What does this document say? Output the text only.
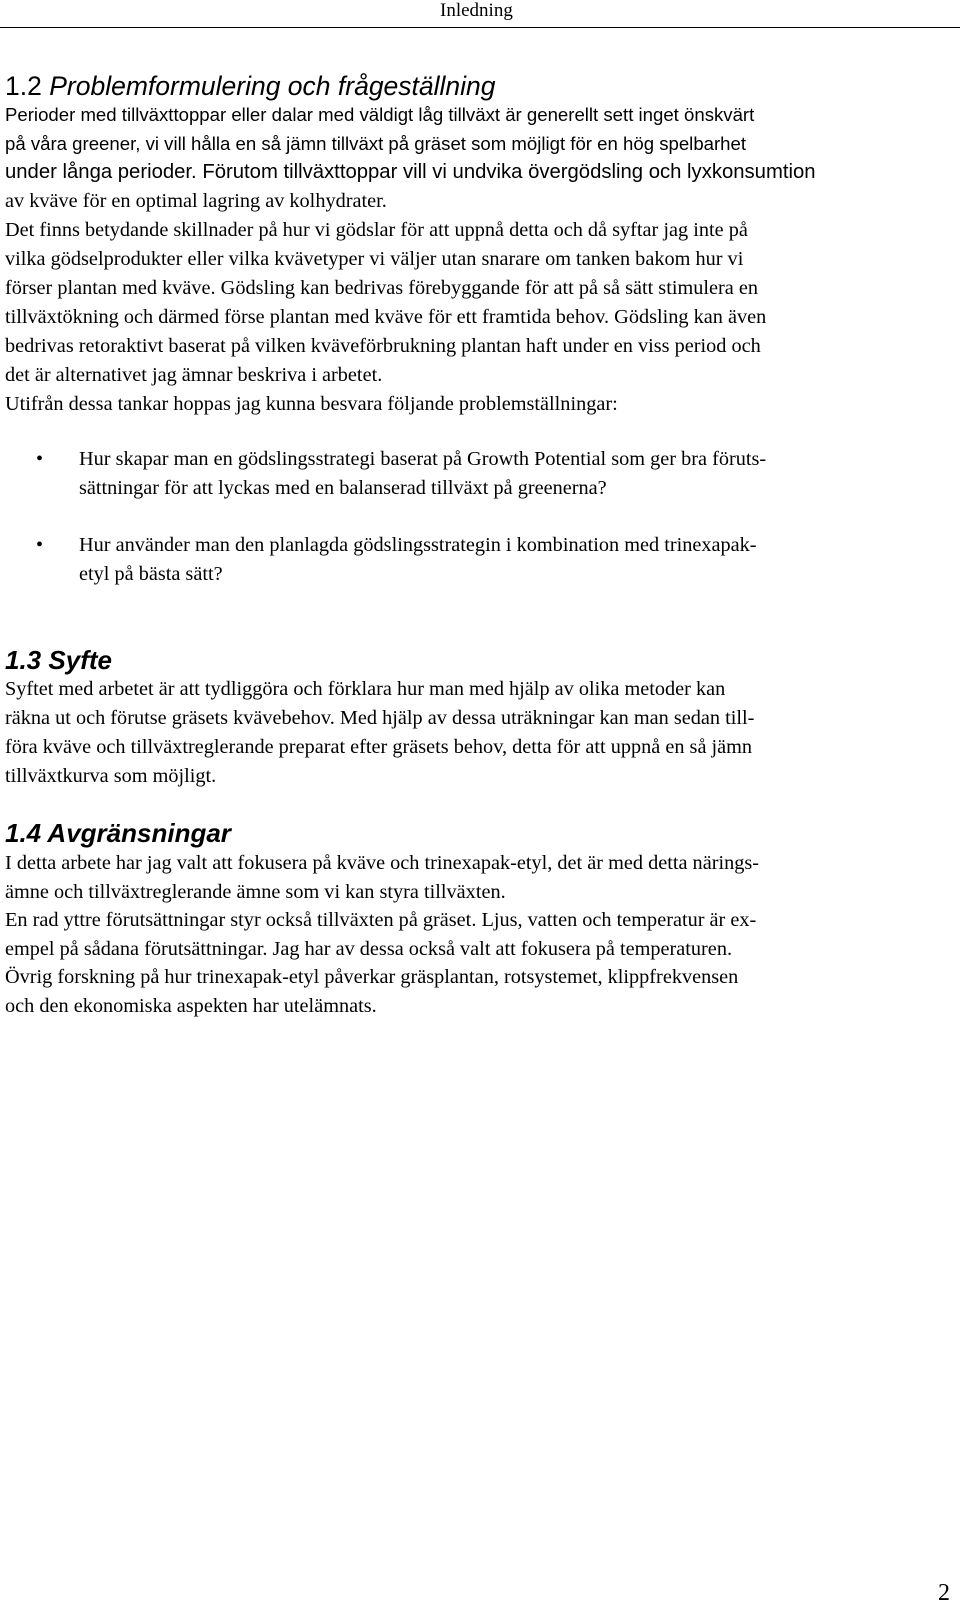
Inledning
1.2 Problemformulering och frågeställning
Perioder med tillväxttoppar eller dalar med väldigt låg tillväxt är generellt sett inget önskvärt
på våra greener, vi vill hålla en så jämn tillväxt på gräset som möjligt för en hög spelbarhet
under långa perioder. Förutom tillväxttoppar vill vi undvika övergödsling och lyxkonsumtion
av kväve för en optimal lagring av kolhydrater.
Det finns betydande skillnader på hur vi gödslar för att uppnå detta och då syftar jag inte på
vilka gödselprodukter eller vilka kvävetyper vi väljer utan snarare om tanken bakom hur vi
förser plantan med kväve. Gödsling kan bedrivas förebyggande för att på så sätt stimulera en
tillväxtökning och därmed förse plantan med kväve för ett framtida behov. Gödsling kan även
bedrivas retoraktivt baserat på vilken kväveförbrukning plantan haft under en viss period och
det är alternativet jag ämnar beskriva i arbetet.
Utifrån dessa tankar hoppas jag kunna besvara följande problemställningar:
• Hur skapar man en gödslingsstrategi baserat på Growth Potential som ger bra föruts-
sättningar för att lyckas med en balanserad tillväxt på greenerna?
• Hur använder man den planlagda gödslingsstrategin i kombination med trinexapak-
etyl på bästa sätt?
1.3 Syfte
Syftet med arbetet är att tydliggöra och förklara hur man med hjälp av olika metoder kan
räkna ut och förutse gräsets kvävebehov. Med hjälp av dessa uträkningar kan man sedan till-
föra kväve och tillväxtreglerande preparat efter gräsets behov, detta för att uppnå en så jämn
tillväxtkurva som möjligt.
1.4 Avgränsningar
I detta arbete har jag valt att fokusera på kväve och trinexapak-etyl, det är med detta närings-
ämne och tillväxtreglerande ämne som vi kan styra tillväxten.
En rad yttre förutsättningar styr också tillväxten på gräset. Ljus, vatten och temperatur är ex-
empel på sådana förutsättningar. Jag har av dessa också valt att fokusera på temperaturen.
Övrig forskning på hur trinexapak-etyl påverkar gräsplantan, rotsystemet, klippfrekvensen
och den ekonomiska aspekten har utelämnats.
2
